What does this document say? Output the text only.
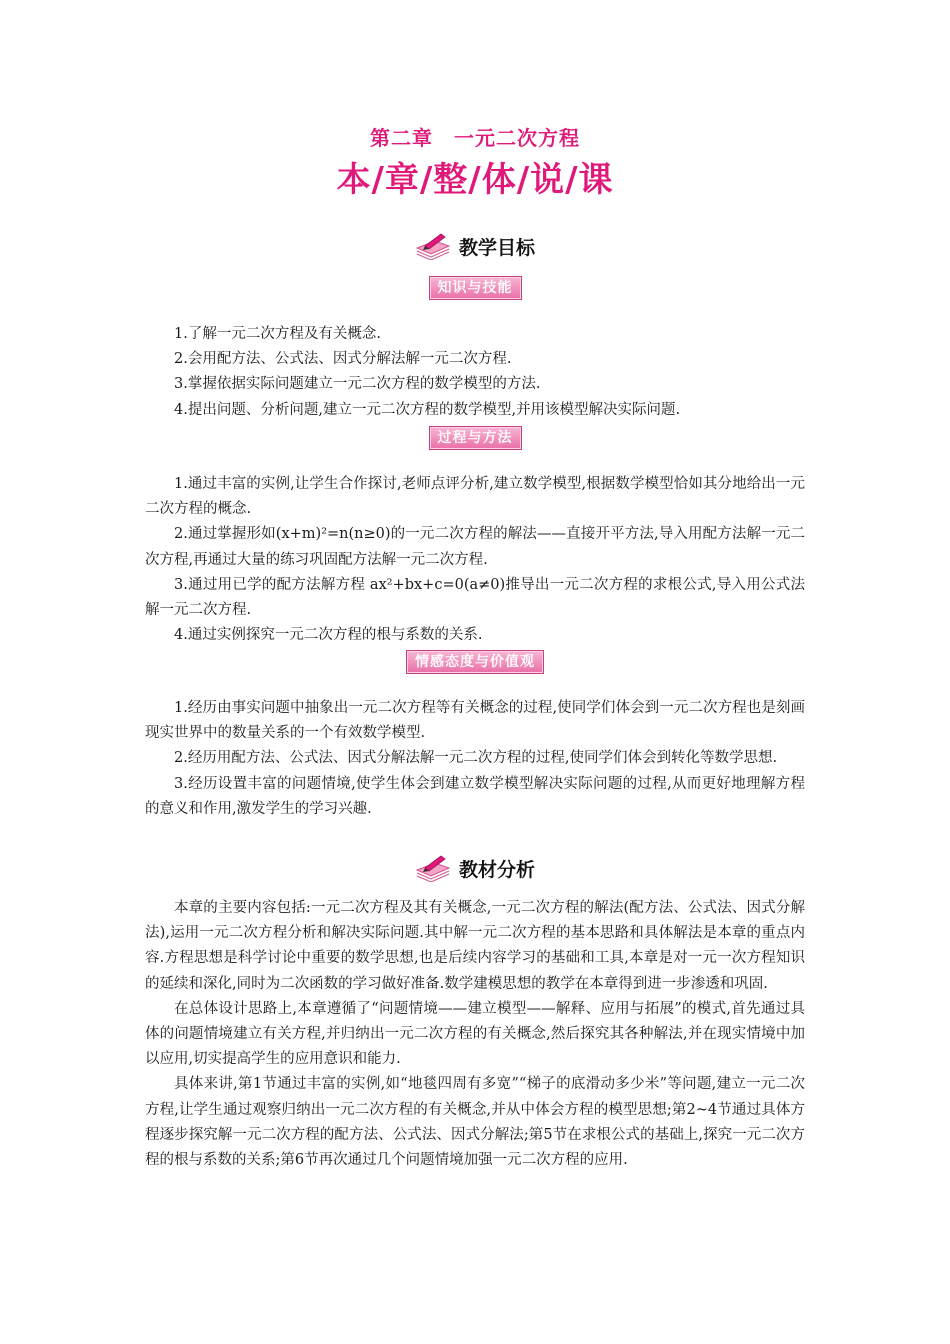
第二章　一元二次方程
本/章/整/体/说/课
教学目标
知识与技能

1.了解一元二次方程及有关概念.

2.会用配方法、公式法、因式分解法解一元二次方程.

3.掌握依据实际问题建立一元二次方程的数学模型的方法.

4.提出问题、分析问题,建立一元二次方程的数学模型,并用该模型解决实际问题.

过程与方法

1.通过丰富的实例,让学生合作探讨,老师点评分析,建立数学模型,根据数学模型恰如其分地给出一元二次方程的概念.

2.通过掌握形如(x+m)²=n(n≥0)的一元二次方程的解法——直接开平方法,导入用配方法解一元二次方程,再通过大量的练习巩固配方法解一元二次方程.

3.通过用已学的配方法解方程 ax²+bx+c=0(a≠0)推导出一元二次方程的求根公式,导入用公式法解一元二次方程.

4.通过实例探究一元二次方程的根与系数的关系.

情感态度与价值观

1.经历由事实问题中抽象出一元二次方程等有关概念的过程,使同学们体会到一元二次方程也是刻画现实世界中的数量关系的一个有效数学模型.

2.经历用配方法、公式法、因式分解法解一元二次方程的过程,使同学们体会到转化等数学思想.

3.经历设置丰富的问题情境,使学生体会到建立数学模型解决实际问题的过程,从而更好地理解方程的意义和作用,激发学生的学习兴趣.

教材分析

本章的主要内容包括:一元二次方程及其有关概念,一元二次方程的解法(配方法、公式法、因式分解法),运用一元二次方程分析和解决实际问题.其中解一元二次方程的基本思路和具体解法是本章的重点内容.方程思想是科学讨论中重要的数学思想,也是后续内容学习的基础和工具,本章是对一元一次方程知识的延续和深化,同时为二次函数的学习做好准备.数学建模思想的教学在本章得到进一步渗透和巩固.

在总体设计思路上,本章遵循了“问题情境——建立模型——解释、应用与拓展”的模式,首先通过具体的问题情境建立有关方程,并归纳出一元二次方程的有关概念,然后探究其各种解法,并在现实情境中加以应用,切实提高学生的应用意识和能力.

具体来讲,第1节通过丰富的实例,如“地毯四周有多宽”“梯子的底滑动多少米”等问题,建立一元二次方程,让学生通过观察归纳出一元二次方程的有关概念,并从中体会方程的模型思想;第2~4节通过具体方程逐步探究解一元二次方程的配方法、公式法、因式分解法;第5节在求根公式的基础上,探究一元二次方程的根与系数的关系;第6节再次通过几个问题情境加强一元二次方程的应用.
